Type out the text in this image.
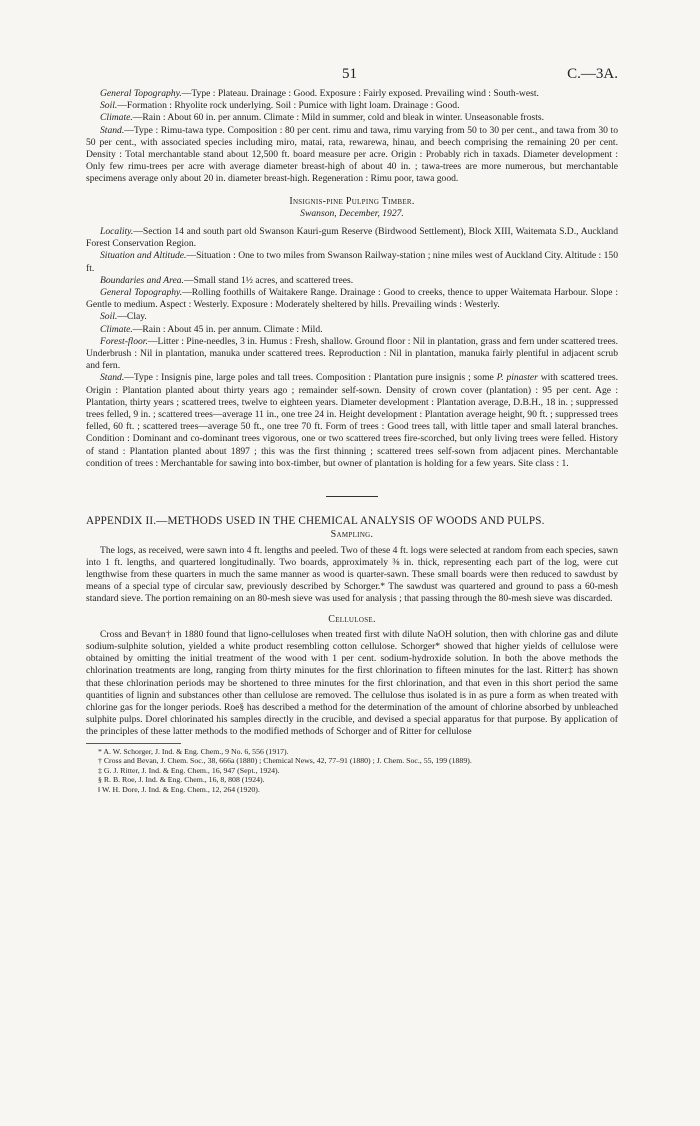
51	C.—3A.

General Topography.—Type : Plateau. Drainage : Good. Exposure : Fairly exposed. Prevailing wind : South-west.

Soil.—Formation : Rhyolite rock underlying. Soil : Pumice with light loam. Drainage : Good.

Climate.—Rain : About 60 in. per annum. Climate : Mild in summer, cold and bleak in winter. Unseasonable frosts.

Stand.—Type : Rimu-tawa type. Composition : 80 per cent. rimu and tawa, rimu varying from 50 to 30 per cent., and tawa from 30 to 50 per cent., with associated species including miro, matai, rata, rewarewa, hinau, and beech comprising the remaining 20 per cent. Density : Total merchantable stand about 12,500 ft. board measure per acre. Origin : Probably rich in taxads. Diameter development : Only few rimu-trees per acre with average diameter breast-high of about 40 in. ; tawa-trees are more numerous, but merchantable specimens average only about 20 in. diameter breast-high. Regeneration : Rimu poor, tawa good.

Insignis-pine Pulping Timber.

Swanson, December, 1927.

Locality.—Section 14 and south part old Swanson Kauri-gum Reserve (Birdwood Settlement), Block XIII, Waitemata S.D., Auckland Forest Conservation Region.

Situation and Altitude.—Situation : One to two miles from Swanson Railway-station ; nine miles west of Auckland City. Altitude : 150 ft.

Boundaries and Area.—Small stand 1½ acres, and scattered trees.

General Topography.—Rolling foothills of Waitakere Range. Drainage : Good to creeks, thence to upper Waitemata Harbour. Slope : Gentle to medium. Aspect : Westerly. Exposure : Moderately sheltered by hills. Prevailing winds : Westerly.

Soil.—Clay.

Climate.—Rain : About 45 in. per annum. Climate : Mild.

Forest-floor.—Litter : Pine-needles, 3 in. Humus : Fresh, shallow. Ground floor : Nil in plantation, grass and fern under scattered trees. Underbrush : Nil in plantation, manuka under scattered trees. Reproduction : Nil in plantation, manuka fairly plentiful in adjacent scrub and fern.

Stand.—Type : Insignis pine, large poles and tall trees. Composition : Plantation pure insignis ; some P. pinaster with scattered trees. Origin : Plantation planted about thirty years ago ; remainder self-sown. Density of crown cover (plantation) : 95 per cent. Age : Plantation, thirty years ; scattered trees, twelve to eighteen years. Diameter development : Plantation average, D.B.H., 18 in. ; suppressed trees felled, 9 in. ; scattered trees—average 11 in., one tree 24 in. Height development : Plantation average height, 90 ft. ; suppressed trees felled, 60 ft. ; scattered trees—average 50 ft., one tree 70 ft. Form of trees : Good trees tall, with little taper and small lateral branches. Condition : Dominant and co-dominant trees vigorous, one or two scattered trees fire-scorched, but only living trees were felled. History of stand : Plantation planted about 1897 ; this was the first thinning ; scattered trees self-sown from adjacent pines. Merchantable condition of trees : Merchantable for sawing into box-timber, but owner of plantation is holding for a few years. Site class : 1.

APPENDIX II.—METHODS USED IN THE CHEMICAL ANALYSIS OF WOODS AND PULPS.

Sampling.

The logs, as received, were sawn into 4 ft. lengths and peeled. Two of these 4 ft. logs were selected at random from each species, sawn into 1 ft. lengths, and quartered longitudinally. Two boards, approximately ⅜ in. thick, representing each part of the log, were cut lengthwise from these quarters in much the same manner as wood is quarter-sawn. These small boards were then reduced to sawdust by means of a special type of circular saw, previously described by Schorger.* The sawdust was quartered and ground to pass a 60-mesh standard sieve. The portion remaining on an 80-mesh sieve was used for analysis ; that passing through the 80-mesh sieve was discarded.

Cellulose.

Cross and Bevan† in 1880 found that ligno-celluloses when treated first with dilute NaOH solution, then with chlorine gas and dilute sodium-sulphite solution, yielded a white product resembling cotton cellulose. Schorger* showed that higher yields of cellulose were obtained by omitting the initial treatment of the wood with 1 per cent. sodium-hydroxide solution. In both the above methods the chlorination treatments are long, ranging from thirty minutes for the first chlorination to fifteen minutes for the last. Ritter‡ has shown that these chlorination periods may be shortened to three minutes for the first chlorination, and that even in this short period the same quantities of lignin and substances other than cellulose are removed. The cellulose thus isolated is in as pure a form as when treated with chlorine gas for the longer periods. Roe§ has described a method for the determination of the amount of chlorine absorbed by unbleached sulphite pulps. Dore‖ chlorinated his samples directly in the crucible, and devised a special apparatus for that purpose. By application of the principles of these latter methods to the modified methods of Schorger and of Ritter for cellulose

* A. W. Schorger, J. Ind. & Eng. Chem., 9 No. 6, 556 (1917).

† Cross and Bevan, J. Chem. Soc., 38, 666a (1880) ; Chemical News, 42, 77–91 (1880) ; J. Chem. Soc., 55, 199 (1889).

‡ G. J. Ritter, J. Ind. & Eng. Chem., 16, 947 (Sept., 1924).

§ R. B. Roe, J. Ind. & Eng. Chem., 16, 8, 808 (1924).

‖ W. H. Dore, J. Ind. & Eng. Chem., 12, 264 (1920).
